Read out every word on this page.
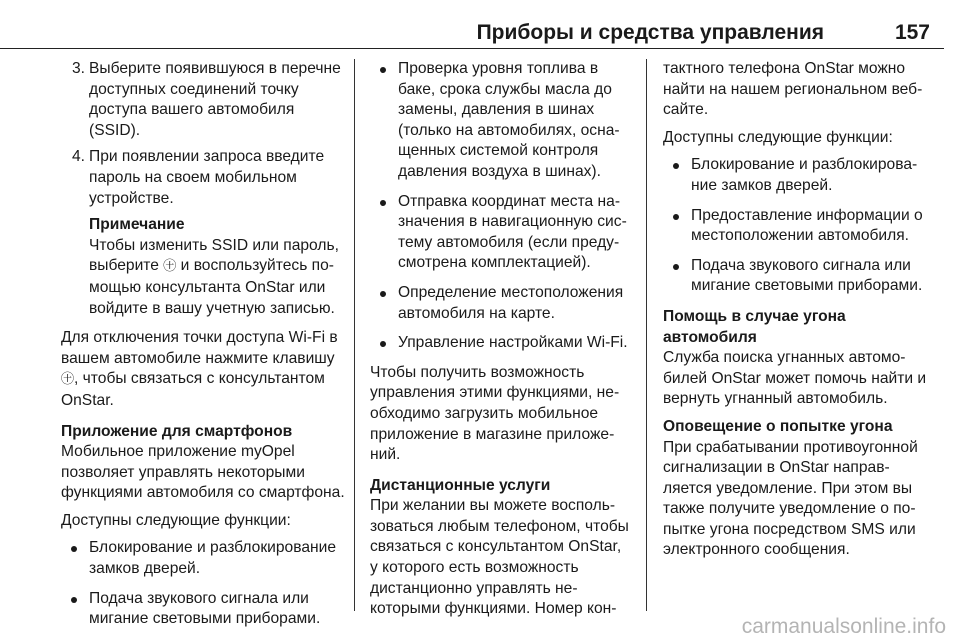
Приборы и средства управления	157
3. Выберите появившуюся в перечне доступных соединений точку доступа вашего автомобиля (SSID).
4. При появлении запроса введите пароль на своем мобильном устройстве.
Примечание
Чтобы изменить SSID или пароль, выберите ㊉ и воспользуйтесь помощью консультанта OnStar или войдите в вашу учетную записью.

Для отключения точки доступа Wi-Fi в вашем автомобиле нажмите клавишу ㊉, чтобы связаться с консультантом OnStar.

Приложение для смартфонов

Мобильное приложение myOpel позволяет управлять некоторыми функциями автомобиля со смартфона.

Доступны следующие функции:

Блокирование и разблокирование замков дверей.
Подача звукового сигнала или мигание световыми приборами.
Проверка уровня топлива в баке, срока службы масла до замены, давления в шинах (только на автомобилях, оснащенных системой контроля давления воздуха в шинах).
Отправка координат места назначения в навигационную систему автомобиля (если предусмотрена комплектацией).
Определение местоположения автомобиля на карте.
Управление настройками Wi-Fi.

Чтобы получить возможность управления этими функциями, необходимо загрузить мобильное приложение в магазине приложений.

Дистанционные услуги

При желании вы можете воспользоваться любым телефоном, чтобы связаться с консультантом OnStar, у которого есть возможность дистанционно управлять некоторыми функциями. Номер кон-

тактного телефона OnStar можно найти на нашем региональном веб-сайте.

Доступны следующие функции:

Блокирование и разблокирование замков дверей.
Предоставление информации о местоположении автомобиля.
Подача звукового сигнала или мигание световыми приборами.
Помощь в случае угона автомобиля

Служба поиска угнанных автомобилей OnStar может помочь найти и вернуть угнанный автомобиль.

Оповещение о попытке угона

При срабатывании противоугонной сигнализации в OnStar направляется уведомление. При этом вы также получите уведомление о попытке угона посредством SMS или электронного сообщения.

carmanualsonline.info
